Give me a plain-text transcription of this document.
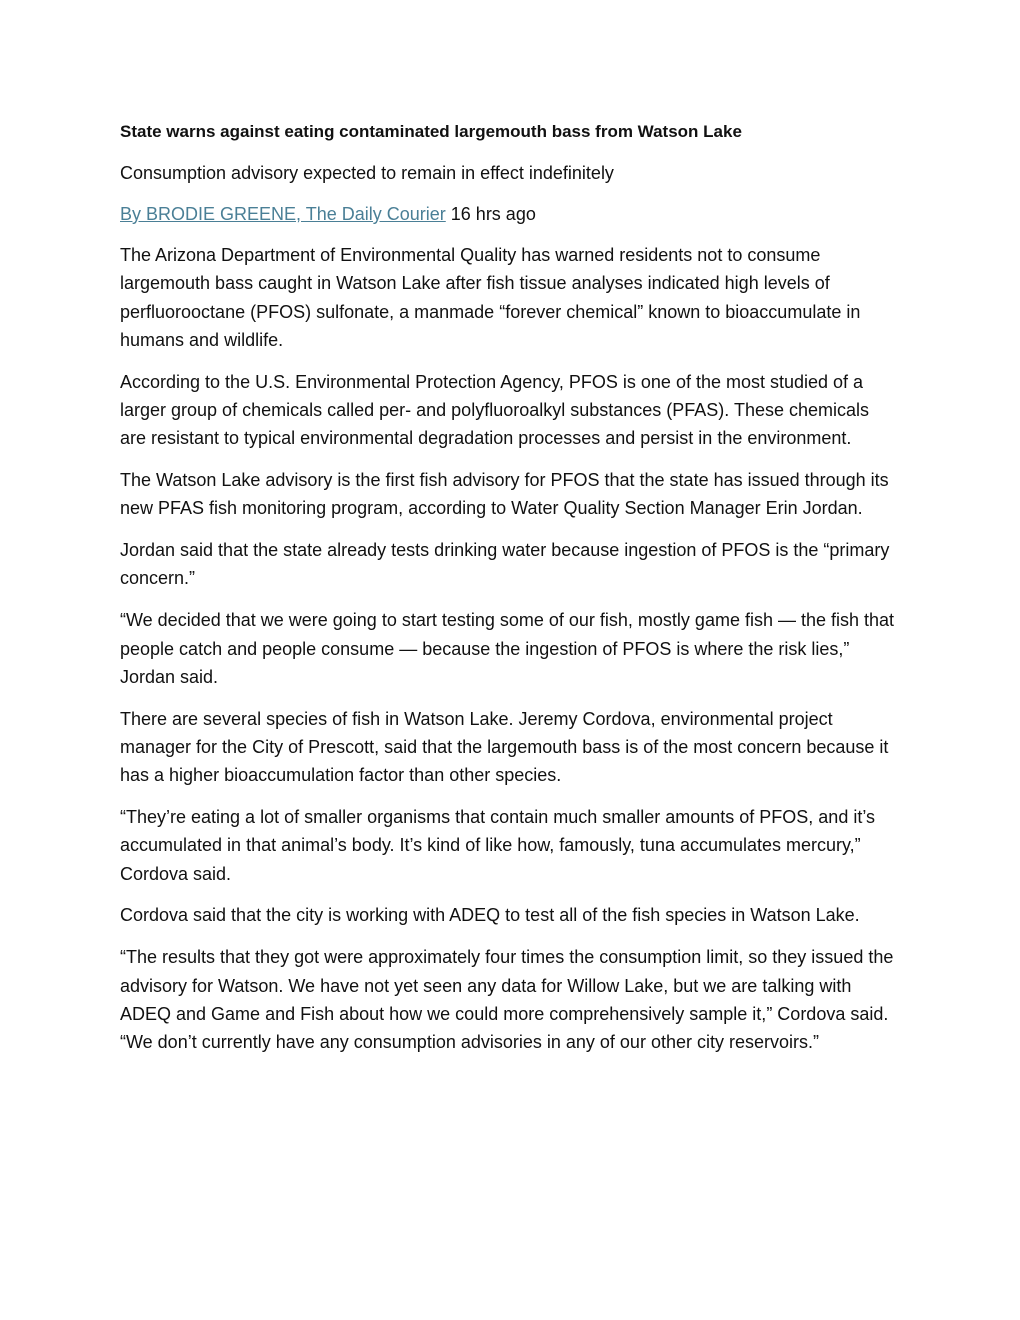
State warns against eating contaminated largemouth bass from Watson Lake
Consumption advisory expected to remain in effect indefinitely
By BRODIE GREENE, The Daily Courier 16 hrs ago
The Arizona Department of Environmental Quality has warned residents not to consume largemouth bass caught in Watson Lake after fish tissue analyses indicated high levels of perfluorooctane (PFOS) sulfonate, a manmade “forever chemical” known to bioaccumulate in humans and wildlife.
According to the U.S. Environmental Protection Agency, PFOS is one of the most studied of a larger group of chemicals called per- and polyfluoroalkyl substances (PFAS). These chemicals are resistant to typical environmental degradation processes and persist in the environment.
The Watson Lake advisory is the first fish advisory for PFOS that the state has issued through its new PFAS fish monitoring program, according to Water Quality Section Manager Erin Jordan.
Jordan said that the state already tests drinking water because ingestion of PFOS is the “primary concern.”
“We decided that we were going to start testing some of our fish, mostly game fish — the fish that people catch and people consume — because the ingestion of PFOS is where the risk lies,” Jordan said.
There are several species of fish in Watson Lake. Jeremy Cordova, environmental project manager for the City of Prescott, said that the largemouth bass is of the most concern because it has a higher bioaccumulation factor than other species.
“They’re eating a lot of smaller organisms that contain much smaller amounts of PFOS, and it’s accumulated in that animal’s body. It’s kind of like how, famously, tuna accumulates mercury,” Cordova said.
Cordova said that the city is working with ADEQ to test all of the fish species in Watson Lake.
“The results that they got were approximately four times the consumption limit, so they issued the advisory for Watson. We have not yet seen any data for Willow Lake, but we are talking with ADEQ and Game and Fish about how we could more comprehensively sample it,” Cordova said. “We don’t currently have any consumption advisories in any of our other city reservoirs.”
